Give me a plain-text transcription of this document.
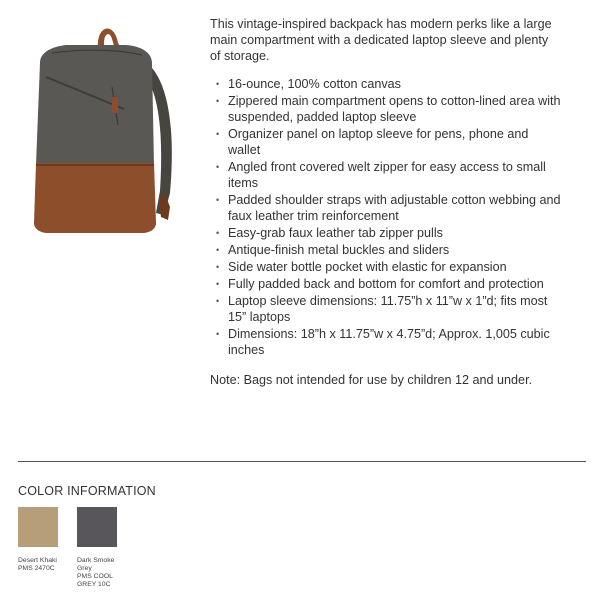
This vintage-inspired backpack has modern perks like a large main compartment with a dedicated laptop sleeve and plenty of storage.

• 16-ounce, 100% cotton canvas
• Zippered main compartment opens to cotton-lined area with suspended, padded laptop sleeve
• Organizer panel on laptop sleeve for pens, phone and wallet
• Angled front covered welt zipper for easy access to small items
• Padded shoulder straps with adjustable cotton webbing and faux leather trim reinforcement
• Easy-grab faux leather tab zipper pulls
• Antique-finish metal buckles and sliders
• Side water bottle pocket with elastic for expansion
• Fully padded back and bottom for comfort and protection
• Laptop sleeve dimensions: 11.75”h x 11”w x 1”d; fits most 15” laptops
• Dimensions: 18”h x 11.75”w x 4.75”d; Approx. 1,005 cubic inches

Note: Bags not intended for use by children 12 and under.

COLOR INFORMATION
Desert Khaki
PMS 2470C
Dark Smoke Grey
PMS COOL GREY 10C
